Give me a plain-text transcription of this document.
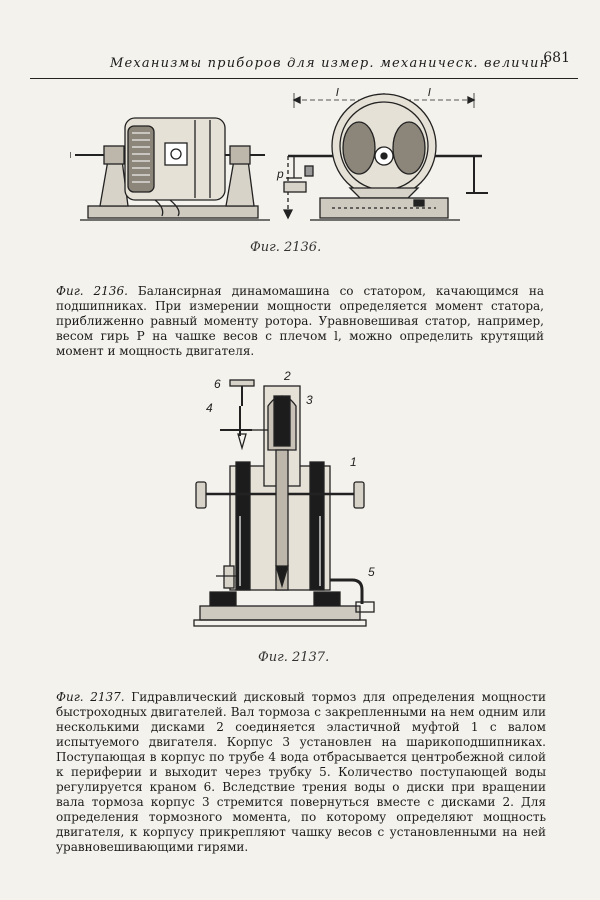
Механизмы приборов для измер. механическ. величин
681
l	l
p
Фиг. 2136.

Фиг. 2136. Балансирная динамомашина со статором, качающимся на подшипниках. При измерении мощности определяется момент статора, приближенно равный моменту ротора. Уравновешивая статор, например, весом гирь P на чашке весов с плечом l, можно определить крутящий момент и мощность двигателя.

6
4
2
3
1
5
Фиг. 2137.

Фиг. 2137. Гидравлический дисковый тормоз для определения мощности быстроходных двигателей. Вал тормоза с закрепленными на нем одним или несколькими дисками 2 соединяется эластичной муфтой 1 с валом испытуемого двигателя. Корпус 3 установлен на шарикоподшипниках. Поступающая в корпус по трубе 4 вода отбрасывается центробежной силой к периферии и выходит через трубку 5. Количество поступающей воды регулируется краном 6. Вследствие трения воды о диски при вращении вала тормоза корпус 3 стремится повернуться вместе с дисками 2. Для определения тормозного момента, по которому определяют мощность двигателя, к корпусу прикрепляют чашку весов с установленными на ней уравновешивающими гирями.
